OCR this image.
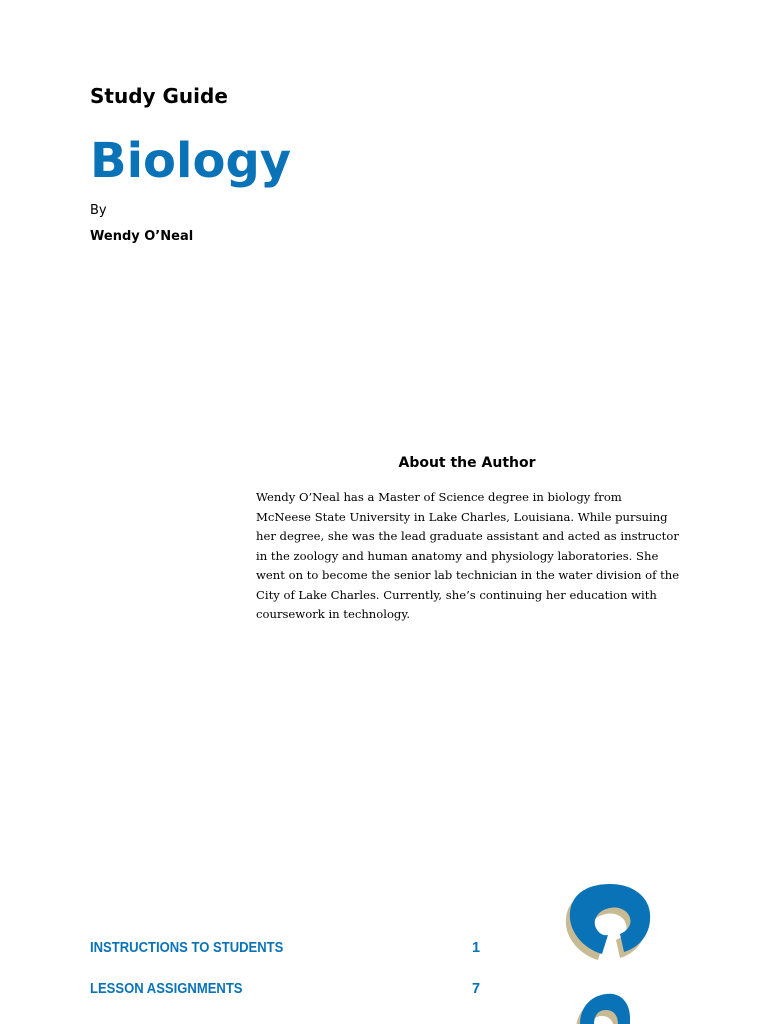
Study Guide
Biology
By
Wendy O’Neal
About the Author

Wendy O’Neal has a Master of Science degree in biology from McNeese State University in Lake Charles, Louisiana. While pursuing her degree, she was the lead graduate assistant and acted as instructor in the zoology and human anatomy and physiology laboratories. She went on to become the senior lab technician in the water division of the City of Lake Charles. Currently, she’s continuing her education with coursework in technology.

INSTRUCTIONS TO STUDENTS	1
LESSON ASSIGNMENTS	7
